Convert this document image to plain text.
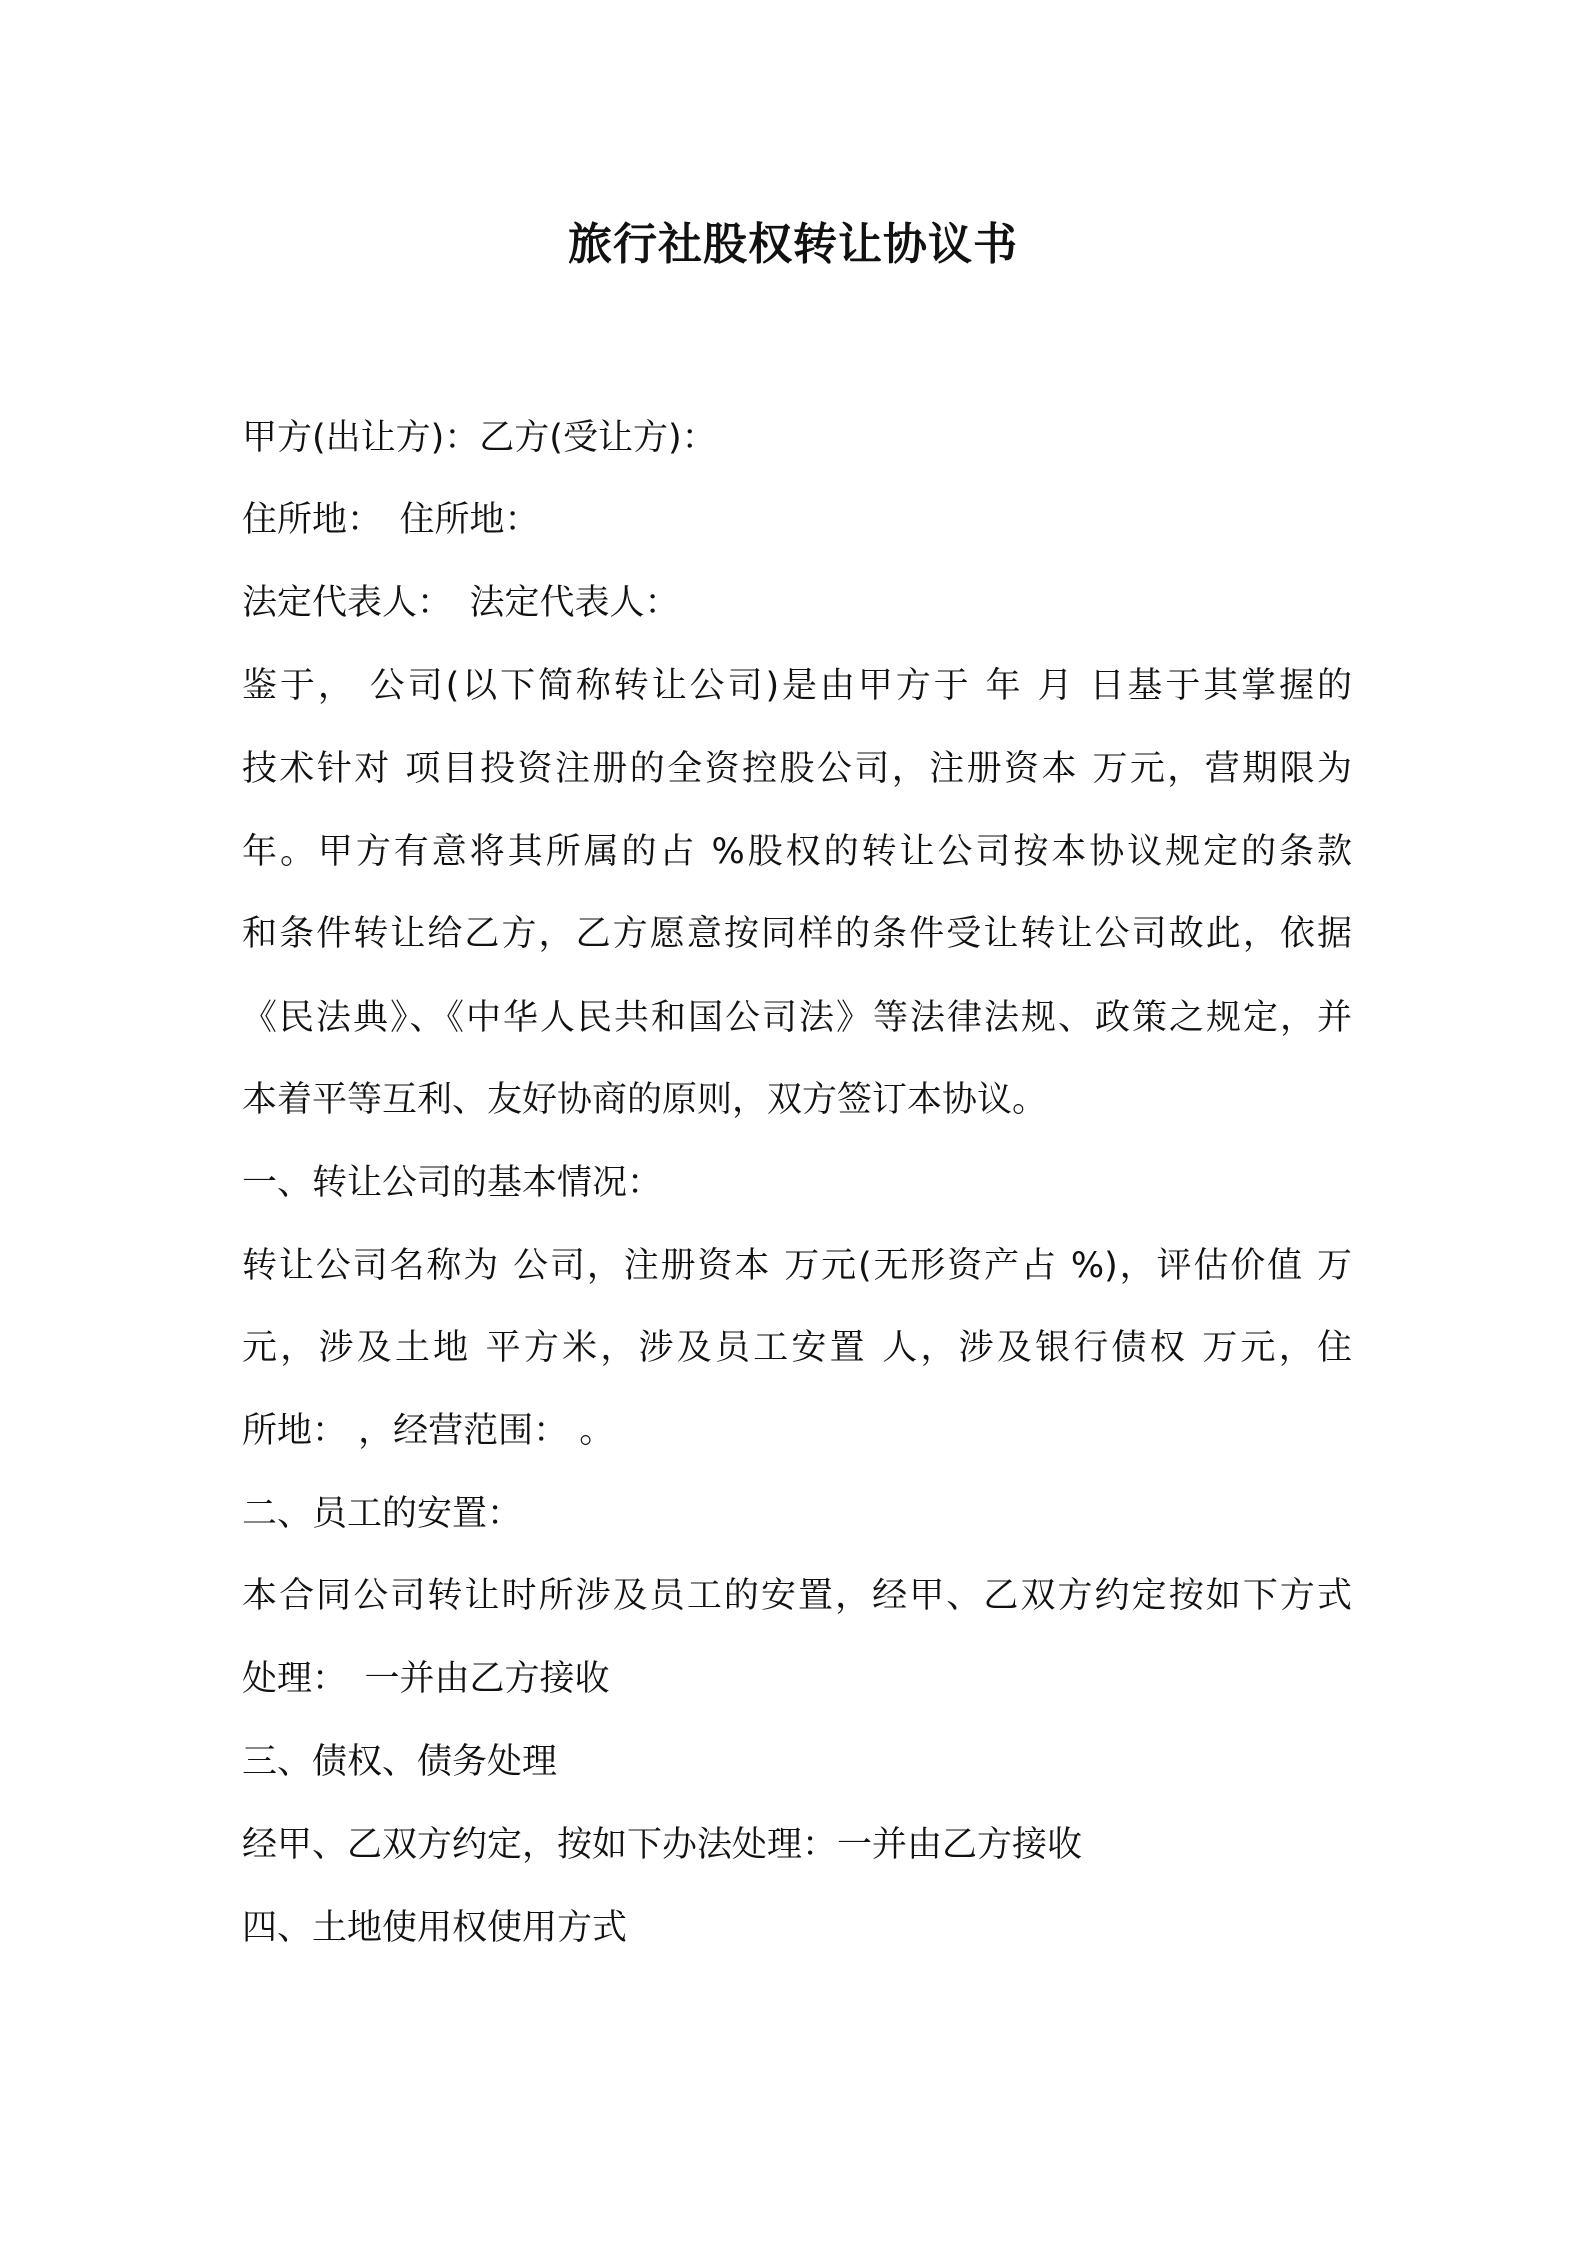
旅行社股权转让协议书
甲方(出让方)：乙方(受让方)：
住所地：　住所地：
法定代表人：　法定代表人：
鉴于， 公司(以下简称转让公司)是由甲方于 年 月 日基于其掌握的
技术针对 项目投资注册的全资控股公司，注册资本 万元，营期限为
年。甲方有意将其所属的占 %股权的转让公司按本协议规定的条款
和条件转让给乙方，乙方愿意按同样的条件受让转让公司故此，依据
《民法典》、《中华人民共和国公司法》等法律法规、政策之规定，并
本着平等互利、友好协商的原则，双方签订本协议。
一、转让公司的基本情况：
转让公司名称为 公司，注册资本 万元(无形资产占 %)，评估价值 万
元，涉及土地 平方米，涉及员工安置 人，涉及银行债权 万元，住
所地： ，经营范围： 。
二、员工的安置：
本合同公司转让时所涉及员工的安置，经甲、乙双方约定按如下方式
处理：　一并由乙方接收
三、债权、债务处理
经甲、乙双方约定，按如下办法处理：一并由乙方接收
四、土地使用权使用方式
